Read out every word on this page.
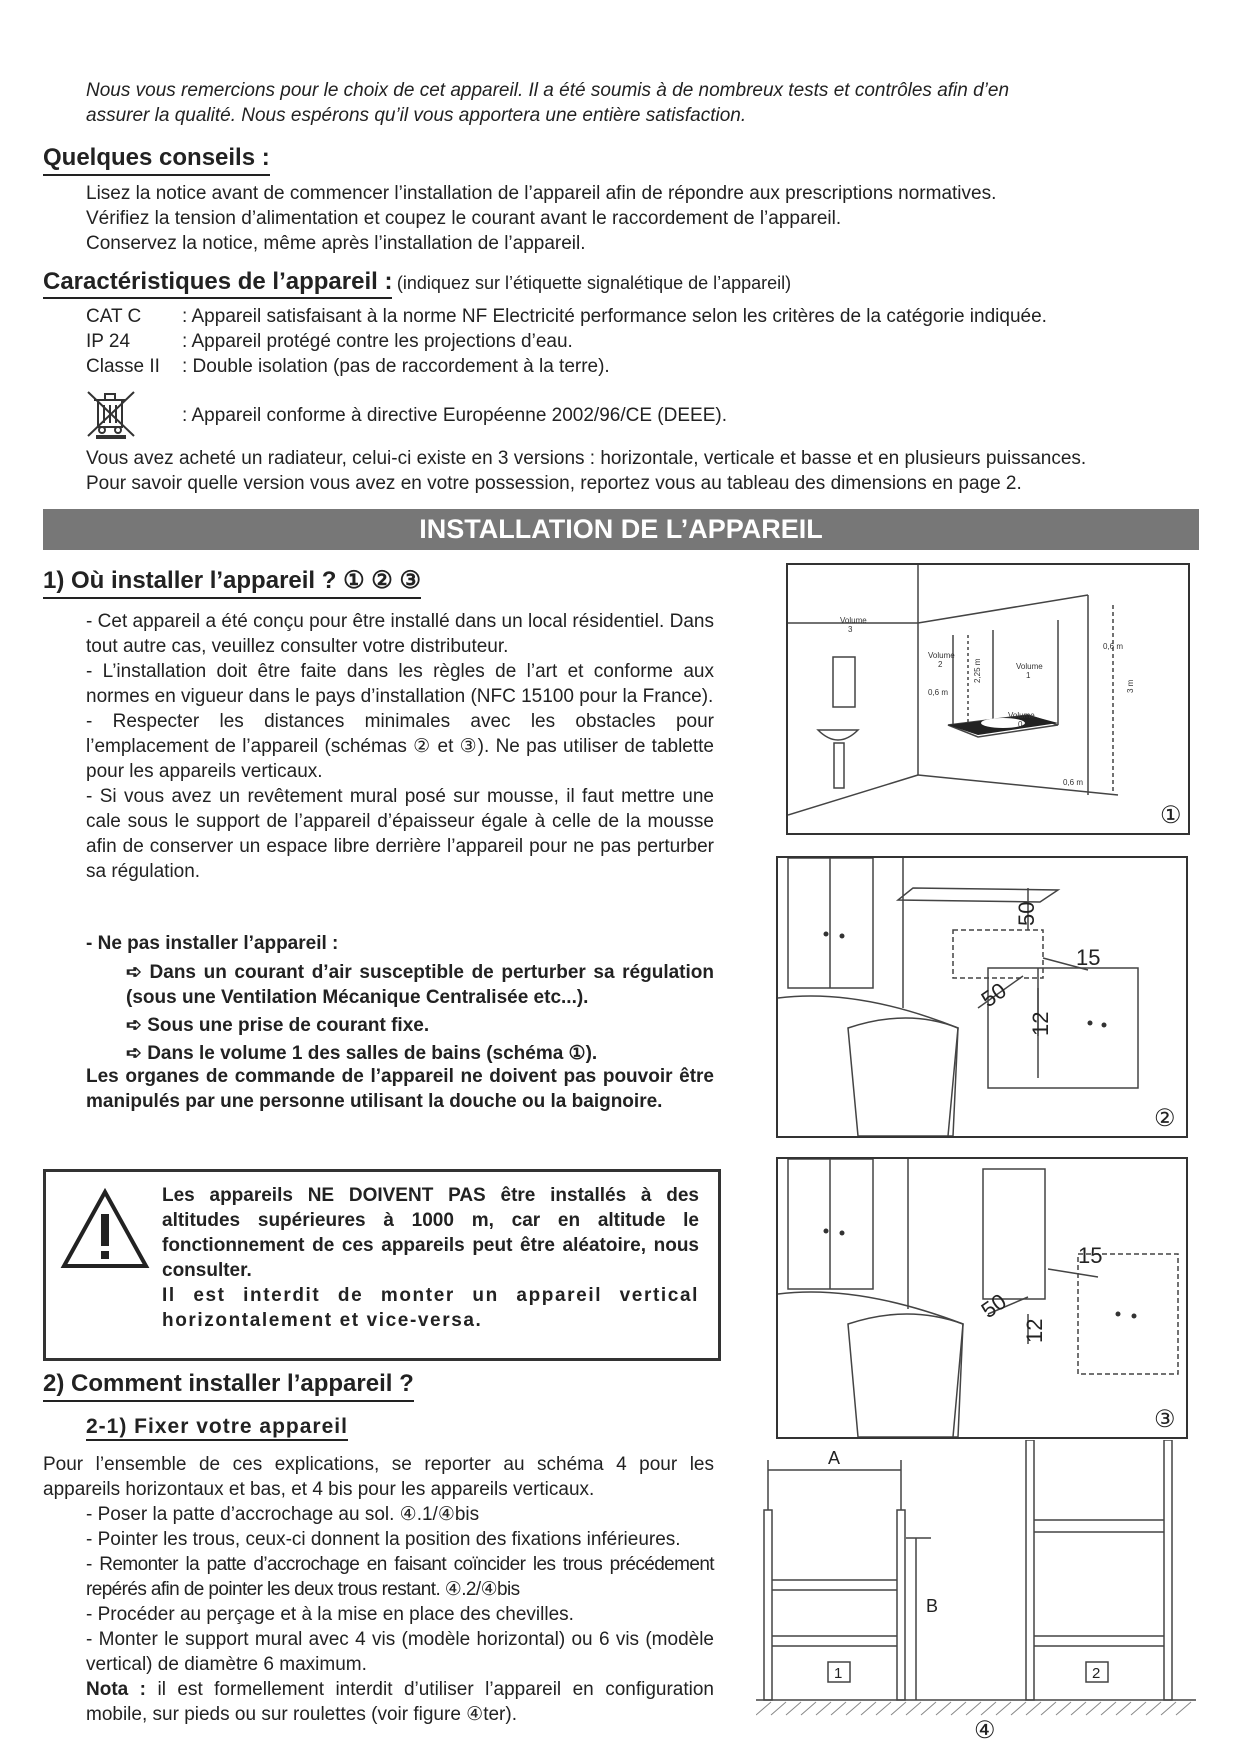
Nous vous remercions pour le choix de cet appareil. Il a été soumis à de nombreux tests et contrôles afin d’en
assurer la qualité. Nous espérons qu’il vous apportera une entière satisfaction.
Quelques conseils :
Lisez la notice avant de commencer l’installation de l’appareil afin de répondre aux prescriptions normatives.
Vérifiez la tension d’alimentation et coupez le courant avant le raccordement de l’appareil.
Conservez la notice, même après l’installation de l’appareil.
Caractéristiques de l’appareil : (indiquez sur l’étiquette signalétique de l’appareil)
CAT C : Appareil satisfaisant à la norme NF Electricité performance selon les critères de la catégorie indiquée.
IP 24	: Appareil protégé contre les projections d’eau.
Classe II : Double isolation (pas de raccordement à la terre).
: Appareil conforme à directive Européenne 2002/96/CE (DEEE).
Vous avez acheté un radiateur, celui-ci existe en 3 versions : horizontale, verticale et basse et en plusieurs puissances.
Pour savoir quelle version vous avez en votre possession, reportez vous au tableau des dimensions en page 2.
INSTALLATION DE L’APPAREIL
1) Où installer l’appareil ? ① ② ③
- Cet appareil a été conçu pour être installé dans un local résidentiel. Dans tout autre cas, veuillez consulter votre distributeur.
- L’installation doit être faite dans les règles de l’art et conforme aux normes en vigueur dans le pays d’installation (NFC 15100 pour la France).
- Respecter les distances minimales avec les obstacles pour l’emplacement de l’appareil (schémas ② et ③). Ne pas utiliser de tablette pour les appareils verticaux.
- Si vous avez un revêtement mural posé sur mousse, il faut mettre une cale sous le support de l’appareil d’épaisseur égale à celle de la mousse afin de conserver un espace libre derrière l’appareil pour ne pas perturber sa régulation.
- Ne pas installer l’appareil :
➪ Dans un courant d’air susceptible de perturber sa régulation (sous une Ventilation Mécanique Centralisée etc...).
➪ Sous une prise de courant fixe.
➪ Dans le volume 1 des salles de bains (schéma ①).
Les organes de commande de l’appareil ne doivent pas pouvoir être manipulés par une personne utilisant la douche ou la baignoire.
Les appareils NE DOIVENT PAS être installés à des altitudes supérieures à 1000 m, car en altitude le fonctionnement de ces appareils peut être aléatoire, nous consulter.
Il est interdit de monter un appareil vertical horizontalement et vice-versa.
2) Comment installer l’appareil ?
2-1) Fixer votre appareil
Pour l’ensemble de ces explications, se reporter au schéma 4 pour les appareils horizontaux et bas, et 4 bis pour les appareils verticaux.
- Poser la patte d’accrochage au sol. ④.1/④bis
- Pointer les trous, ceux-ci donnent la position des fixations inférieures.
- Remonter la patte d’accrochage en faisant coïncider les trous précédement repérés afin de pointer les deux trous restant. ④.2/④bis
- Procéder au perçage et à la mise en place des chevilles.
- Monter le support mural avec 4 vis (modèle horizontal) ou 6 vis (modèle vertical) de diamètre 6 maximum.
Nota : il est formellement interdit d’utiliser l’appareil en configuration mobile, sur pieds ou sur roulettes (voir figure ④ter).
Volume
3
Volume
2	Volume
1
Volume
0
0,6 m
0,6 m
0,6 m
2,25 m
3 m
①
50
15
50
12
②
15
50
12
③
A
B
1	2
④
